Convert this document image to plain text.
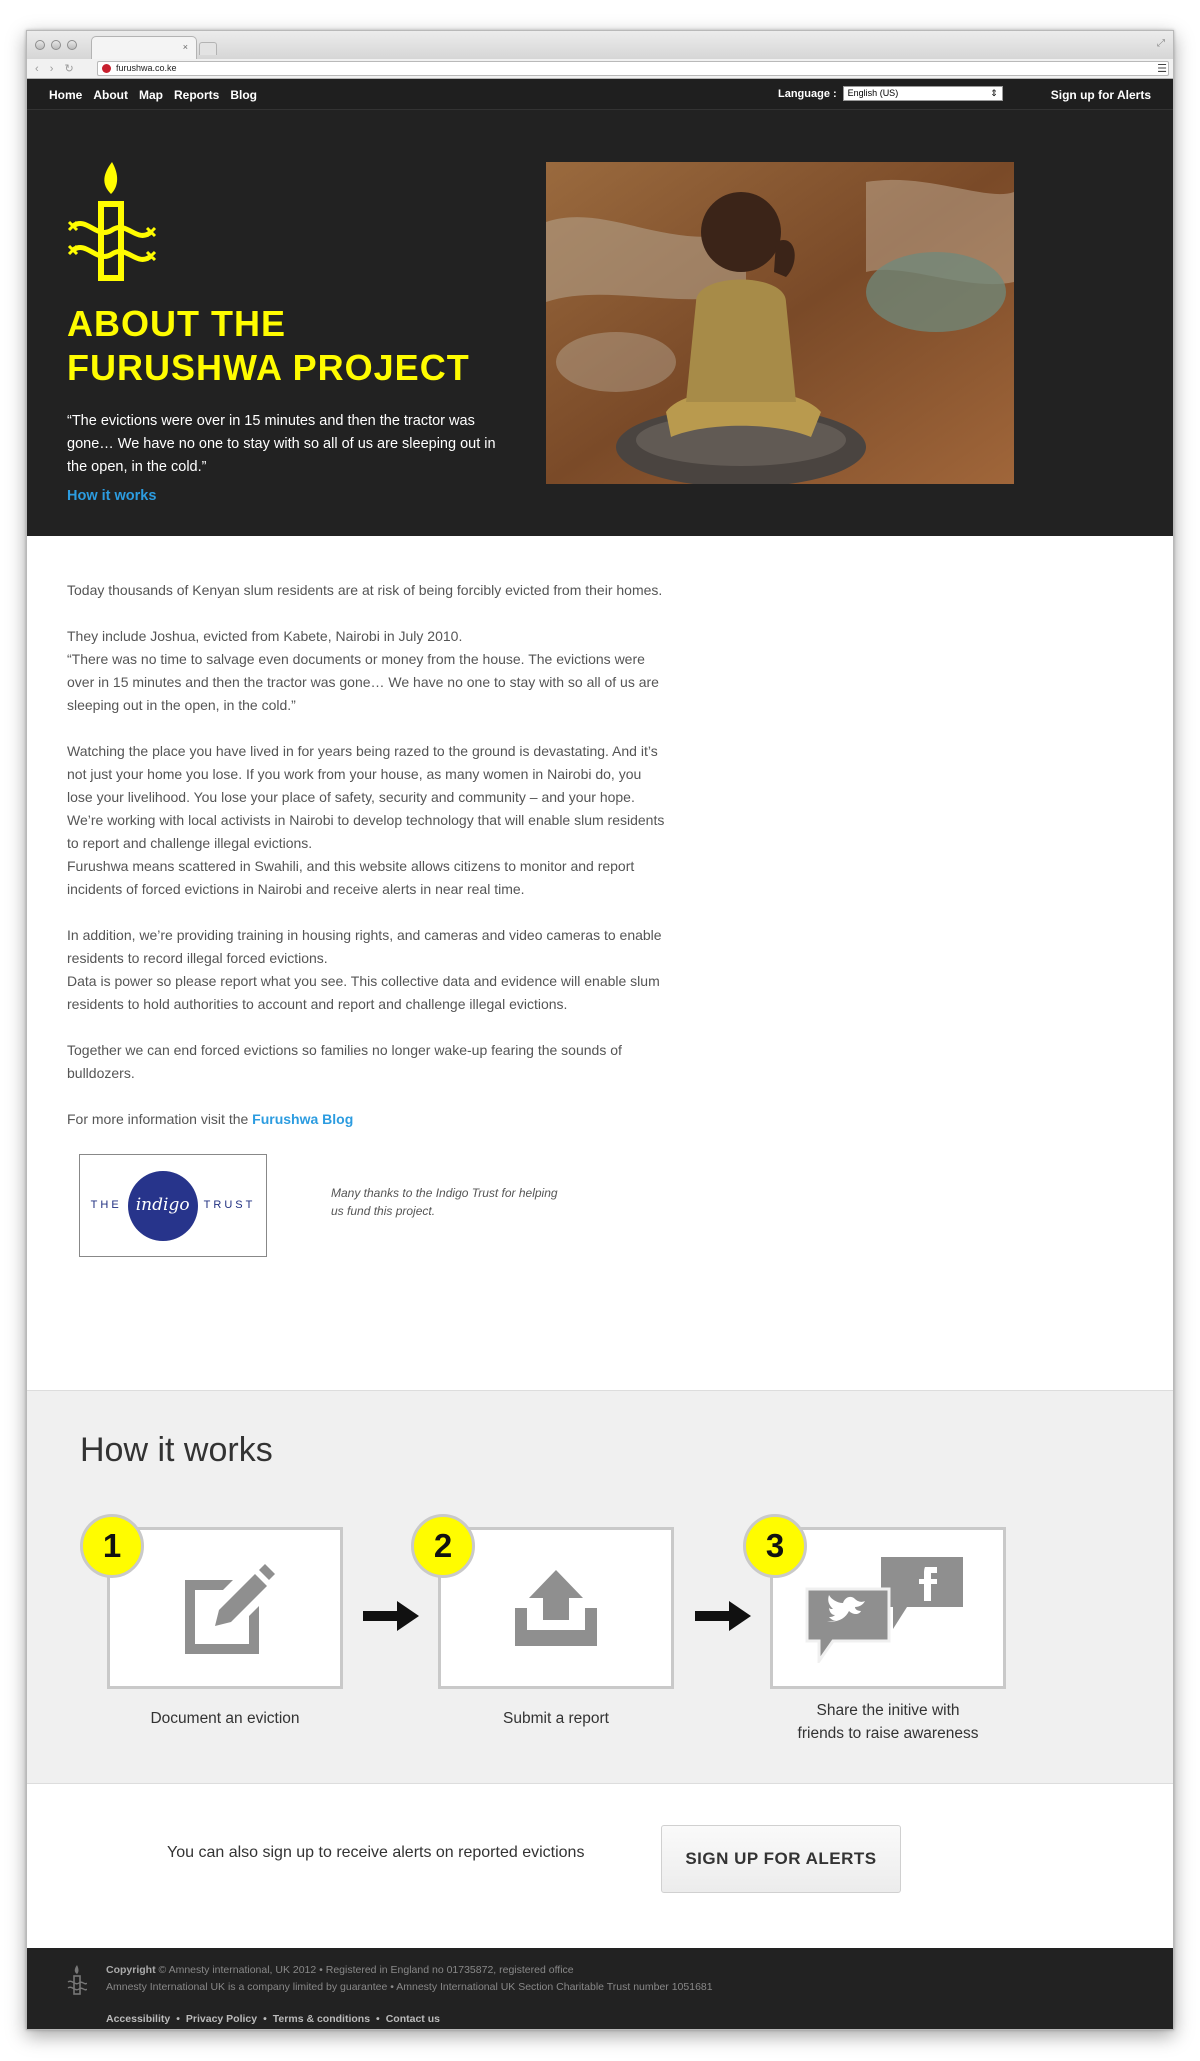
×	⤢
‹ › ↻	furushwa.co.ke	☰
Home About Map Reports Blog	Language : English (US)	⇕	Sign up for Alerts
ABOUT THE
FURUSHWA PROJECT
“The evictions were over in 15 minutes and then the tractor was gone… We have no one to stay with so all of us are sleeping out in the open, in the cold.”
How it works

Today thousands of Kenyan slum residents are at risk of being forcibly evicted from their homes.

They include Joshua, evicted from Kabete, Nairobi in July 2010.

“There was no time to salvage even documents or money from the house. The evictions were over in 15 minutes and then the tractor was gone… We have no one to stay with so all of us are sleeping out in the open, in the cold.”

Watching the place you have lived in for years being razed to the ground is devastating. And it’s not just your home you lose. If you work from your house, as many women in Nairobi do, you lose your livelihood. You lose your place of safety, security and community – and your hope.

We’re working with local activists in Nairobi to develop technology that will enable slum residents to report and challenge illegal evictions.

Furushwa means scattered in Swahili, and this website allows citizens to monitor and report incidents of forced evictions in Nairobi and receive alerts in near real time.

In addition, we’re providing training in housing rights, and cameras and video cameras to enable residents to record illegal forced evictions.

Data is power so please report what you see. This collective data and evidence will enable slum residents to hold authorities to account and report and challenge illegal evictions.

Together we can end forced evictions so families no longer wake-up fearing the sounds of bulldozers.

For more information visit the Furushwa Blog

THE indigo	TRUST
Many thanks to the Indigo Trust for helping us fund this project.
How it works
1
Document an eviction
2
Submit a report
3
Share the initive with friends to raise awareness
You can also sign up to receive alerts on reported evictions	SIGN UP FOR ALERTS
Copyright © Amnesty international, UK 2012 • Registered in England no 01735872, registered office
Amnesty International UK is a company limited by guarantee • Amnesty International UK Section Charitable Trust number 1051681
Accessibility • Privacy Policy • Terms & conditions • Contact us
